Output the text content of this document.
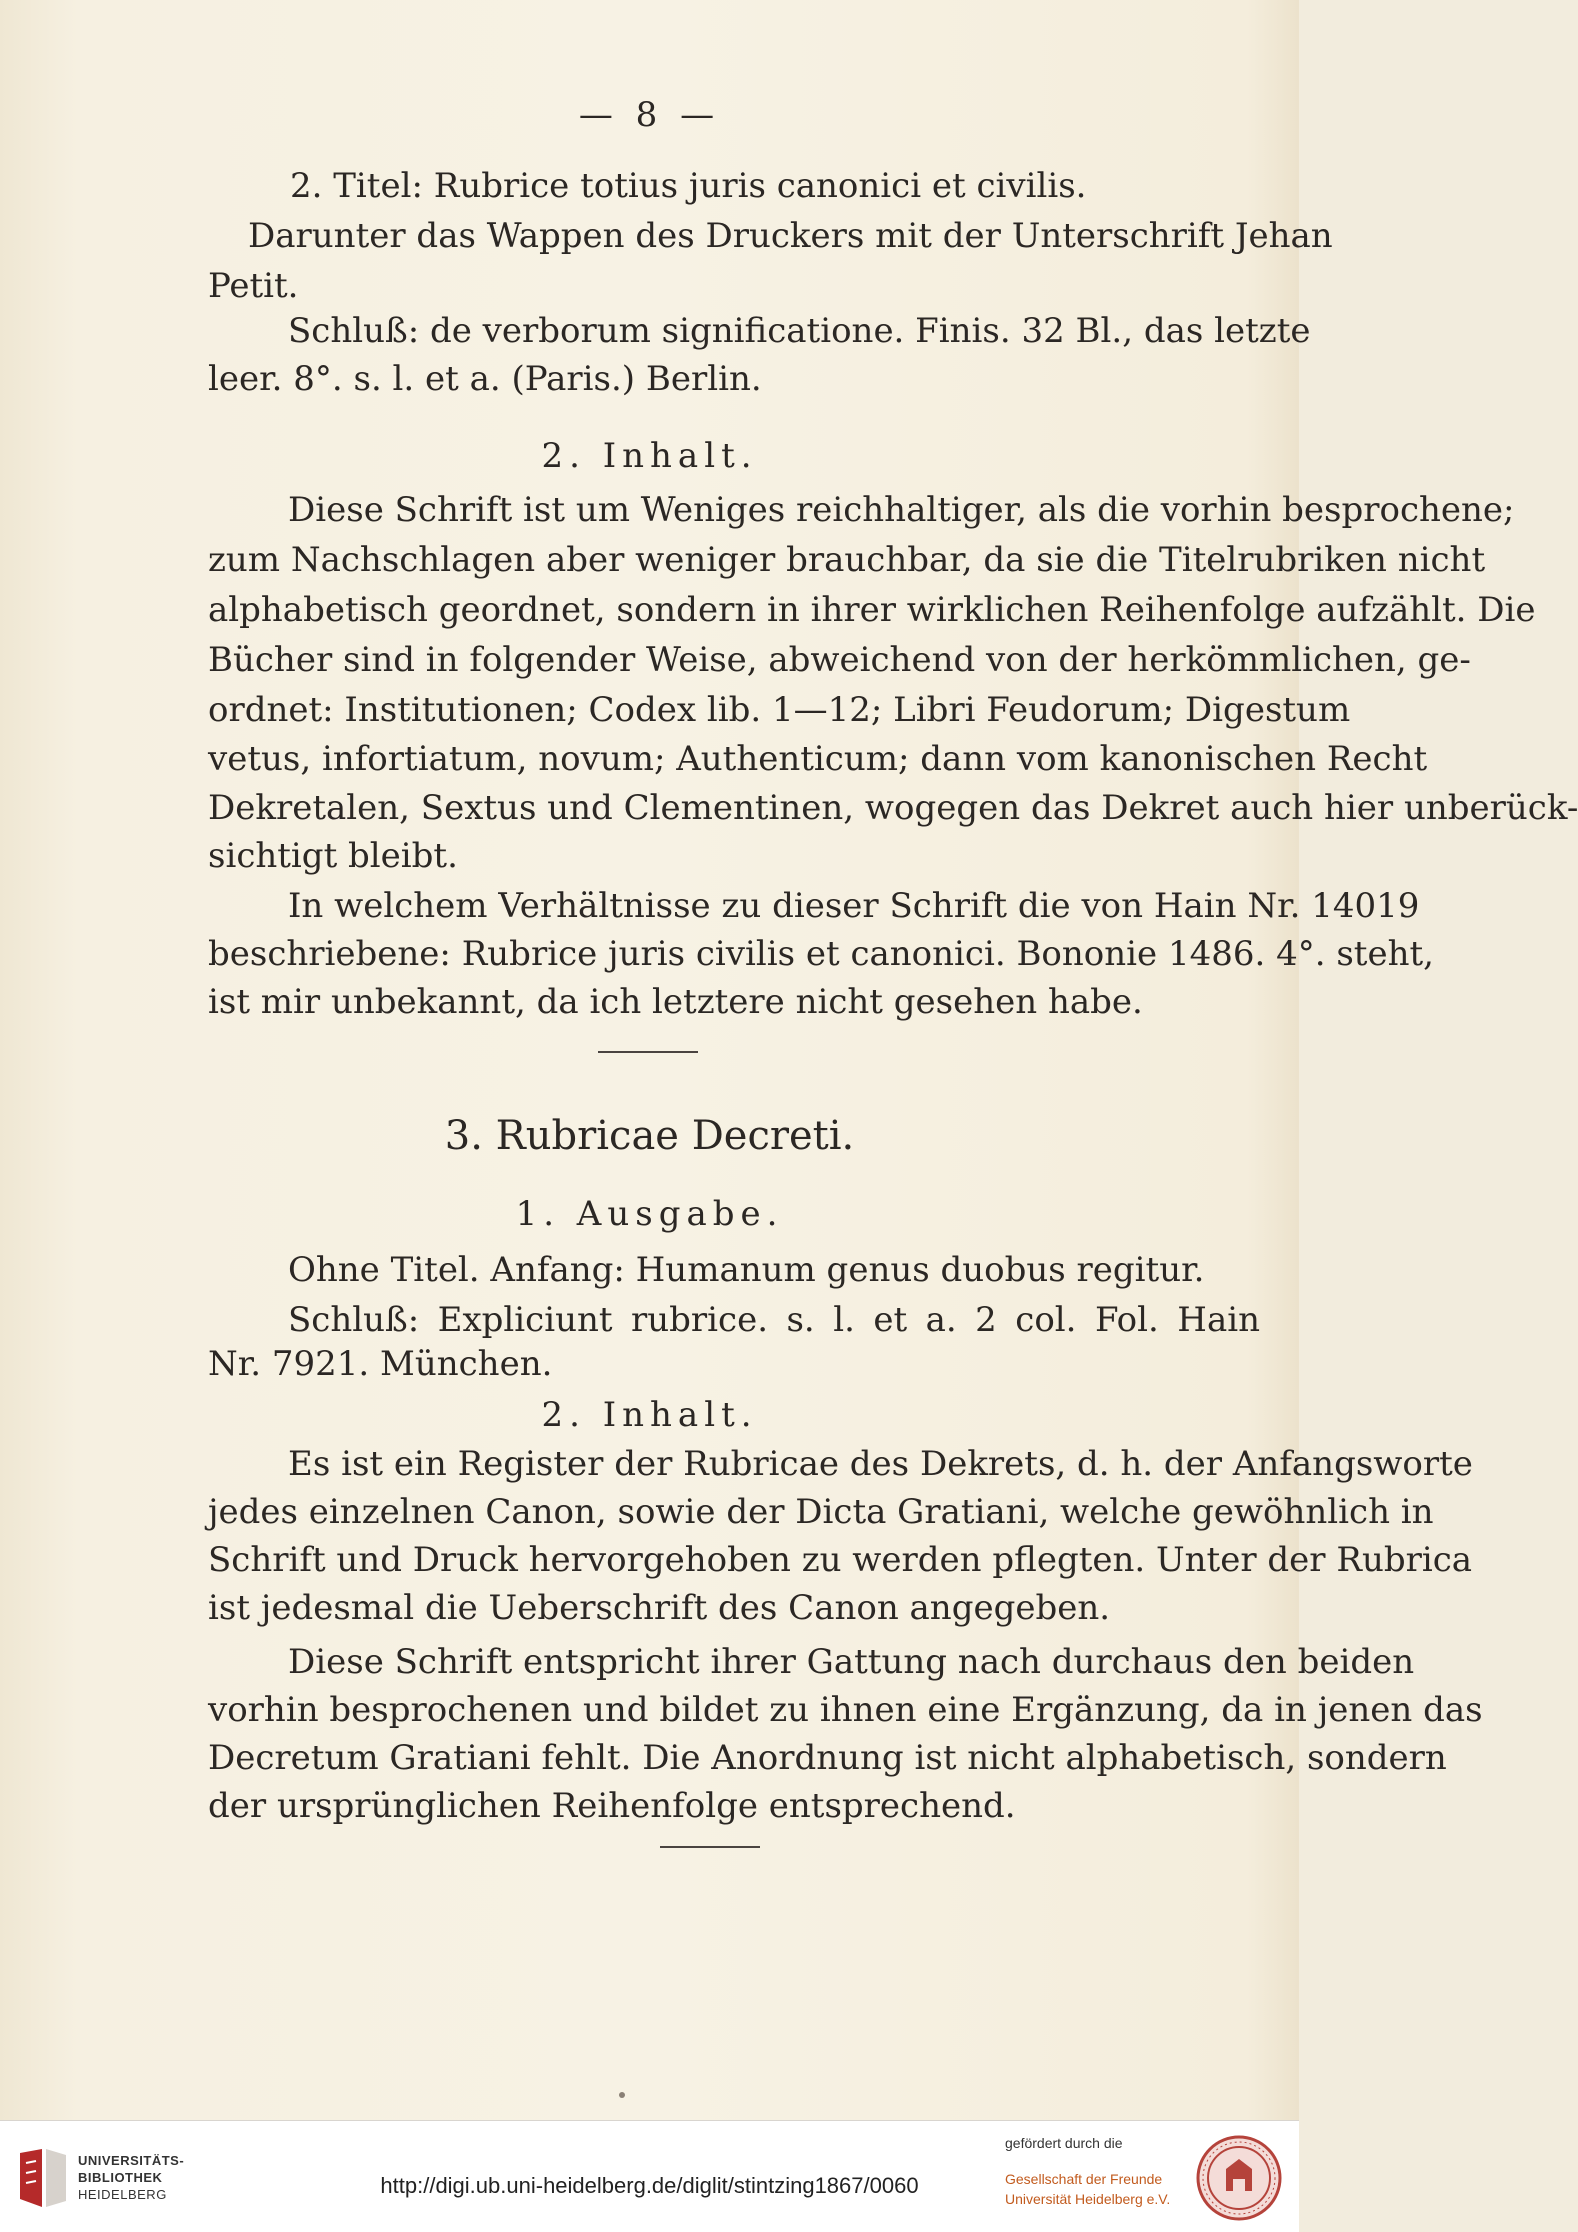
— 8 —
2. Titel: Rubrice totius juris canonici et civilis.
Darunter das Wappen des Druckers mit der Unterschrift Jehan
Petit.
Schluß: de verborum significatione. Finis. 32 Bl., das letzte
leer. 8°. s. l. et a. (Paris.) Berlin.
2. Inhalt.
Diese Schrift ist um Weniges reichhaltiger, als die vorhin besprochene;
zum Nachschlagen aber weniger brauchbar, da sie die Titelrubriken nicht
alphabetisch geordnet, sondern in ihrer wirklichen Reihenfolge aufzählt. Die
Bücher sind in folgender Weise, abweichend von der herkömmlichen, ge-
ordnet: Institutionen; Codex lib. 1—12; Libri Feudorum; Digestum
vetus, infortiatum, novum; Authenticum; dann vom kanonischen Recht
Dekretalen, Sextus und Clementinen, wogegen das Dekret auch hier unberück-
sichtigt bleibt.
In welchem Verhältnisse zu dieser Schrift die von Hain Nr. 14019
beschriebene: Rubrice juris civilis et canonici. Bononie 1486. 4°. steht,
ist mir unbekannt, da ich letztere nicht gesehen habe.
3. Rubricae Decreti.
1. Ausgabe.
Ohne Titel. Anfang: Humanum genus duobus regitur.
Schluß: Expliciunt rubrice. s. l. et a. 2 col. Fol. Hain
Nr. 7921. München.
2. Inhalt.
Es ist ein Register der Rubricae des Dekrets, d. h. der Anfangsworte
jedes einzelnen Canon, sowie der Dicta Gratiani, welche gewöhnlich in
Schrift und Druck hervorgehoben zu werden pflegten. Unter der Rubrica
ist jedesmal die Ueberschrift des Canon angegeben.
Diese Schrift entspricht ihrer Gattung nach durchaus den beiden
vorhin besprochenen und bildet zu ihnen eine Ergänzung, da in jenen das
Decretum Gratiani fehlt. Die Anordnung ist nicht alphabetisch, sondern
der ursprünglichen Reihenfolge entsprechend.
UNIVERSITÄTS-
BIBLIOTHEK
HEIDELBERG	http://digi.ub.uni-heidelberg.de/diglit/stintzing1867/0060
gefördert durch die
Gesellschaft der Freunde
Universität Heidelberg e.V.
